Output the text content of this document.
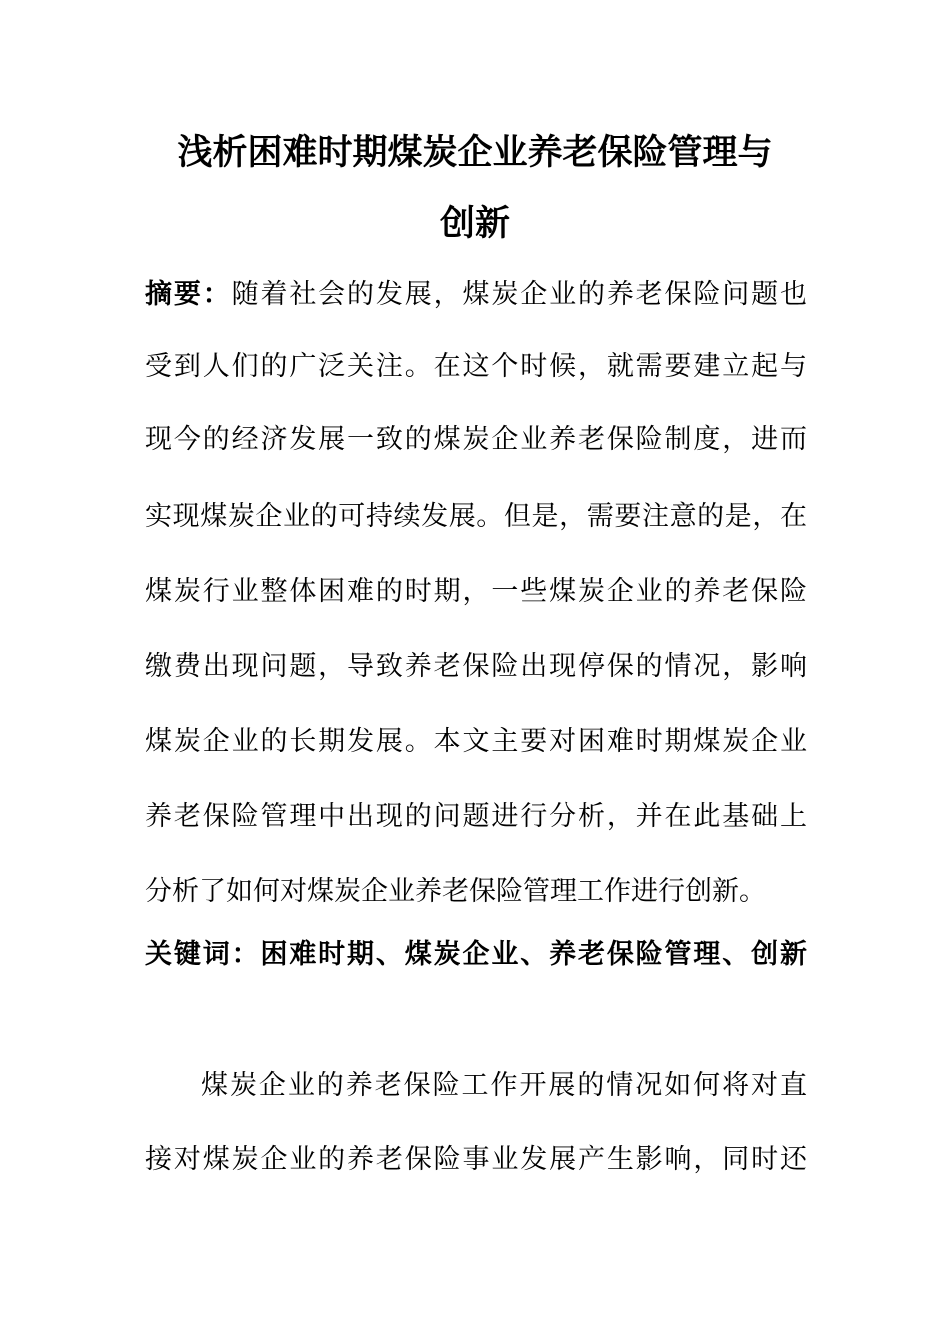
浅析困难时期煤炭企业养老保险管理与
创新
摘要：随着社会的发展，煤炭企业的养老保险问题也
受到人们的广泛关注。在这个时候，就需要建立起与
现今的经济发展一致的煤炭企业养老保险制度，进而
实现煤炭企业的可持续发展。但是，需要注意的是，在
煤炭行业整体困难的时期，一些煤炭企业的养老保险
缴费出现问题，导致养老保险出现停保的情况，影响
煤炭企业的长期发展。本文主要对困难时期煤炭企业
养老保险管理中出现的问题进行分析，并在此基础上
分析了如何对煤炭企业养老保险管理工作进行创新。
关键词：困难时期、煤炭企业、养老保险管理、创新
煤炭企业的养老保险工作开展的情况如何将对直
接对煤炭企业的养老保险事业发展产生影响，同时还
